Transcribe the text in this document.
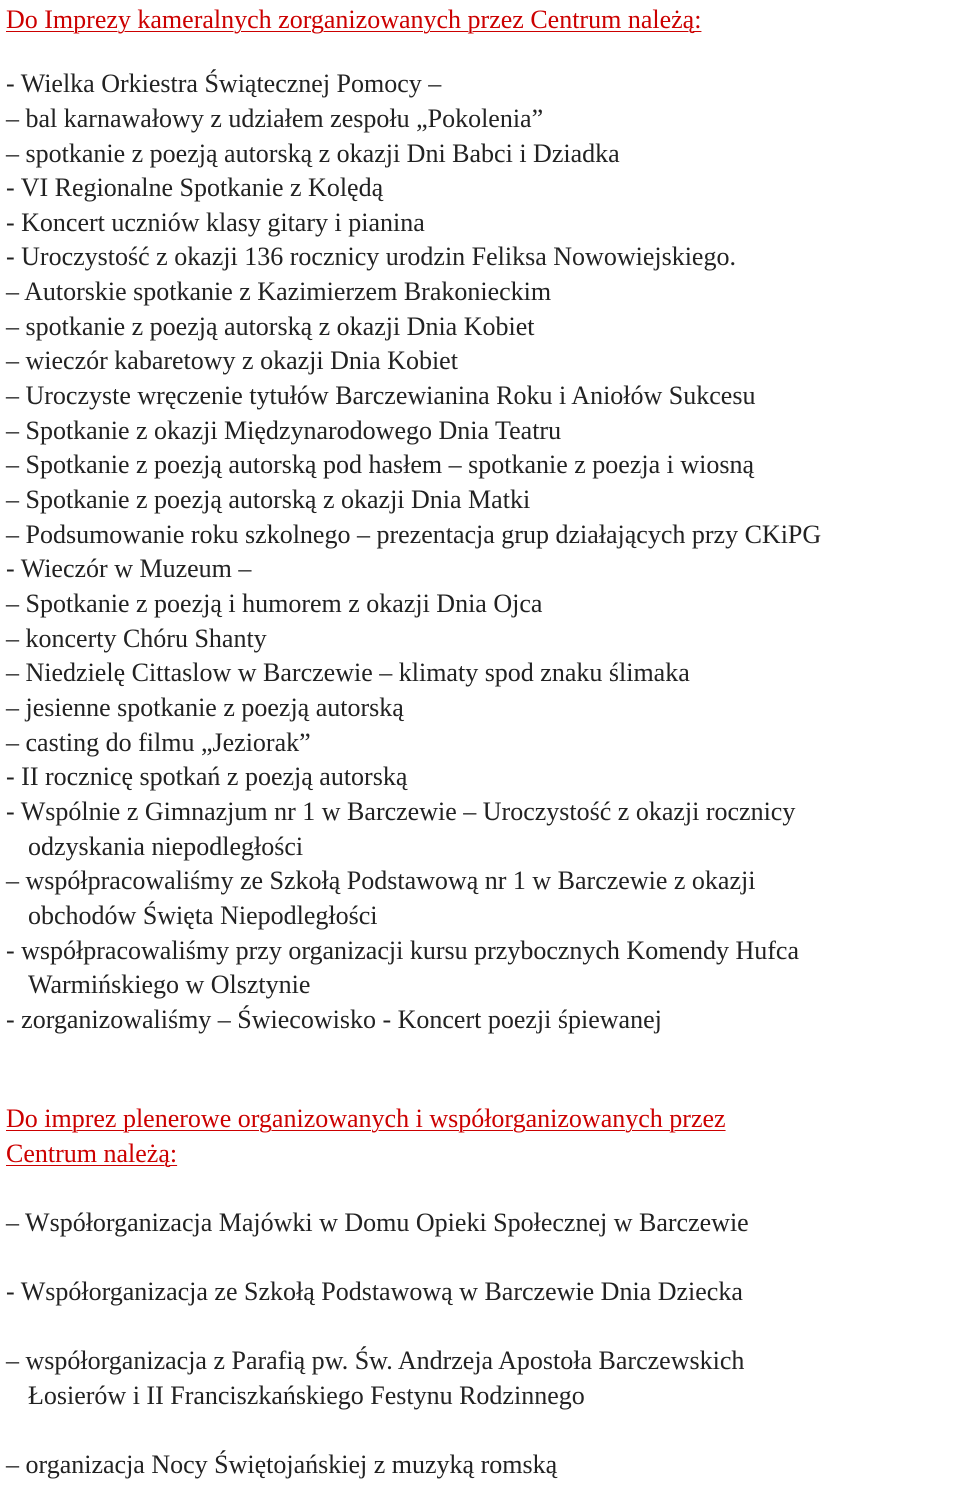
Do Imprezy kameralnych zorganizowanych przez Centrum należą:
- Wielka Orkiestra Świątecznej Pomocy –
– bal karnawałowy z udziałem zespołu „Pokolenia”
– spotkanie z poezją autorską z okazji Dni Babci i Dziadka
- VI Regionalne Spotkanie z Kolędą
- Koncert uczniów klasy gitary i pianina
- Uroczystość z okazji 136 rocznicy urodzin Feliksa Nowowiejskiego.
– Autorskie spotkanie z Kazimierzem Brakonieckim
– spotkanie z poezją autorską z okazji Dnia Kobiet
– wieczór kabaretowy z okazji Dnia Kobiet
– Uroczyste wręczenie tytułów Barczewianina Roku i Aniołów Sukcesu
– Spotkanie z okazji Międzynarodowego Dnia Teatru
– Spotkanie z poezją autorską pod hasłem – spotkanie z poezja i wiosną
– Spotkanie z poezją autorską z okazji Dnia Matki
– Podsumowanie roku szkolnego – prezentacja grup działających przy CKiPG
- Wieczór w Muzeum –
– Spotkanie z poezją i humorem z okazji Dnia Ojca
– koncerty Chóru Shanty
– Niedzielę Cittaslow w Barczewie – klimaty spod znaku ślimaka
– jesienne spotkanie z poezją autorską
– casting do filmu „Jeziorak”
- II rocznicę spotkań z poezją autorską
- Wspólnie z Gimnazjum nr 1 w Barczewie – Uroczystość z okazji rocznicy
odzyskania niepodległości
– współpracowaliśmy ze Szkołą Podstawową nr 1 w Barczewie z okazji
obchodów Święta Niepodległości
- współpracowaliśmy przy organizacji kursu przybocznych Komendy Hufca
Warmińskiego w Olsztynie
- zorganizowaliśmy – Świecowisko - Koncert poezji śpiewanej
Do imprez plenerowe organizowanych i współorganizowanych przez
Centrum należą:
– Współorganizacja Majówki w Domu Opieki Społecznej w Barczewie
- Współorganizacja ze Szkołą Podstawową w Barczewie Dnia Dziecka
– współorganizacja z Parafią pw. Św. Andrzeja Apostoła Barczewskich
Łosierów i II Franciszkańskiego Festynu Rodzinnego
– organizacja Nocy Świętojańskiej z muzyką romską
